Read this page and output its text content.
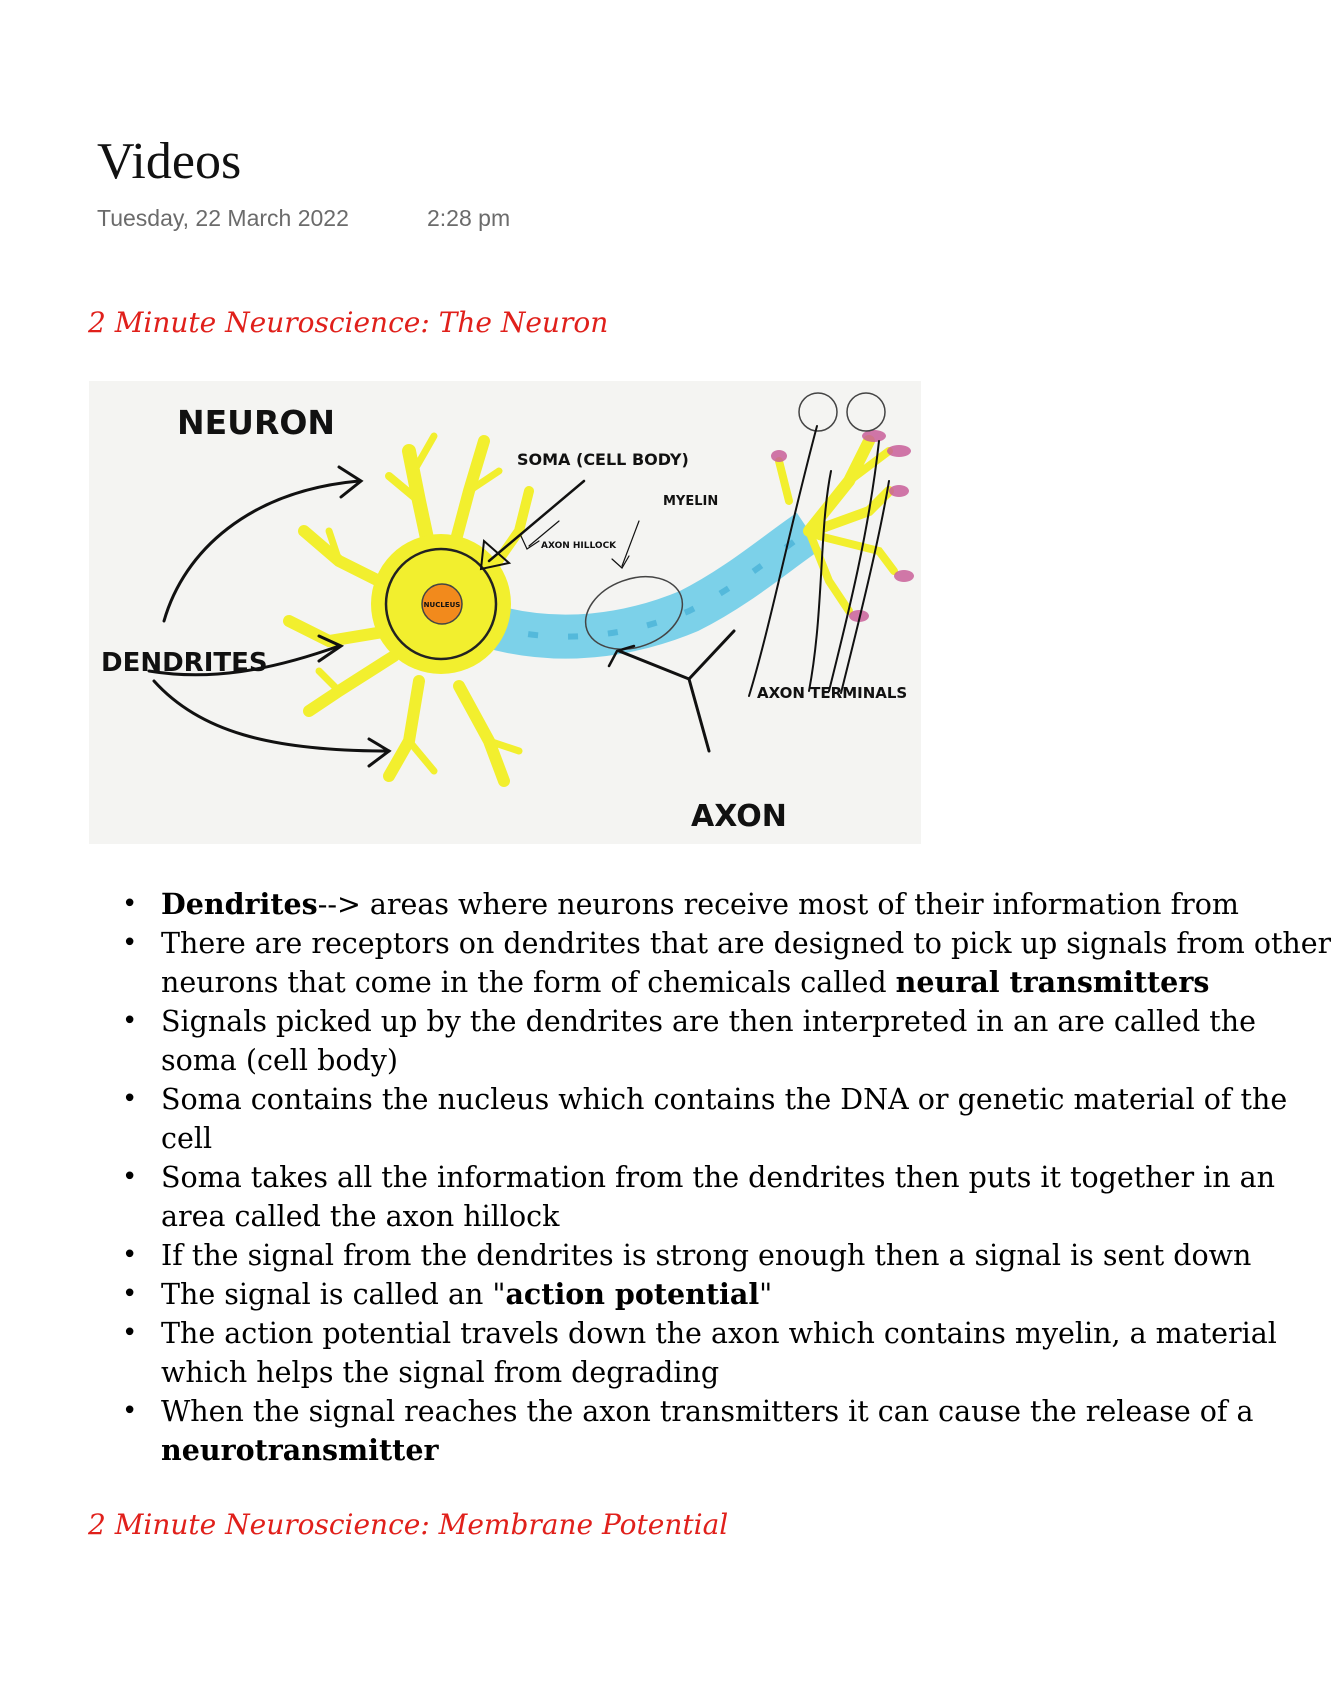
Videos
Tuesday, 22 March 2022	2:28 pm
2 Minute Neuroscience: The Neuron
NUCLEUS
NEURON
SOMA (CELL BODY)
MYELIN
AXON HILLOCK
DENDRITES
AXON TERMINALS
AXON
• Dendrites--> areas where neurons receive most of their information from
• There are receptors on dendrites that are designed to pick up signals from other
neurons that come in the form of chemicals called neural transmitters
• Signals picked up by the dendrites are then interpreted in an are called the
soma (cell body)
• Soma contains the nucleus which contains the DNA or genetic material of the
cell
• Soma takes all the information from the dendrites then puts it together in an
area called the axon hillock
• If the signal from the dendrites is strong enough then a signal is sent down
• The signal is called an "action potential"
• The action potential travels down the axon which contains myelin, a material
which helps the signal from degrading
• When the signal reaches the axon transmitters it can cause the release of a
neurotransmitter
2 Minute Neuroscience: Membrane Potential
